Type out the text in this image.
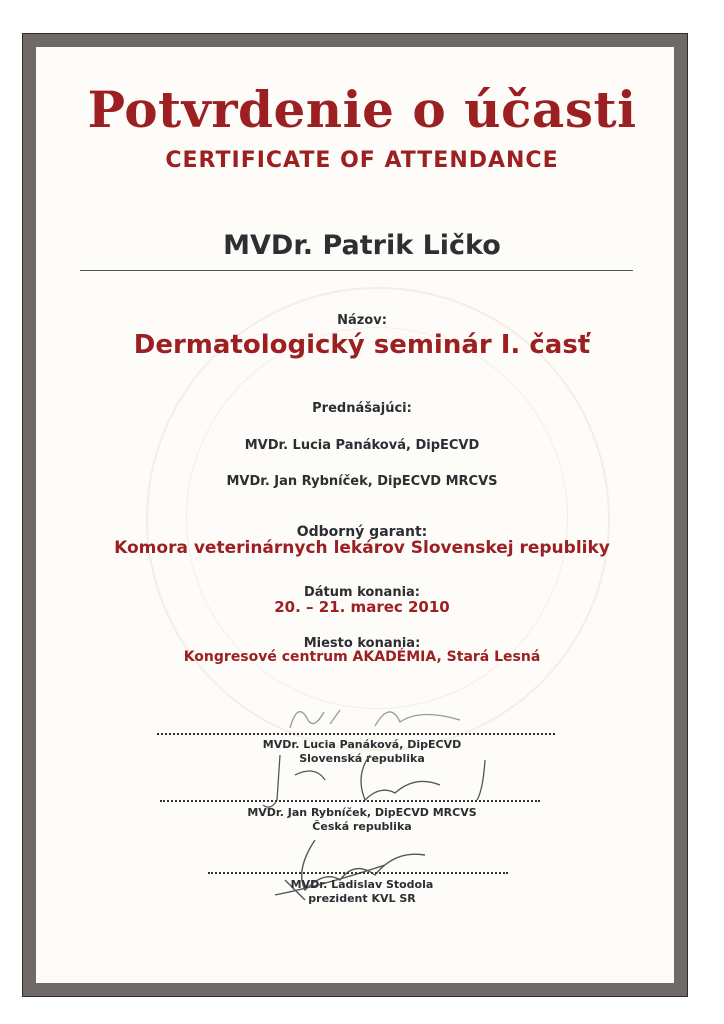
Potvrdenie o účasti
CERTIFICATE OF ATTENDANCE
MVDr. Patrik Ličko
Názov:
Dermatologický seminár I. časť
Prednášajúci:
MVDr. Lucia Panáková, DipECVD
MVDr. Jan Rybníček, DipECVD MRCVS
Odborný garant:
Komora veterinárnych lekárov Slovenskej republiky
Dátum konania:
20. – 21. marec 2010
Miesto konania:
Kongresové centrum AKADÉMIA, Stará Lesná
MVDr. Lucia Panáková, DipECVD
Slovenská republika
MVDr. Jan Rybníček, DipECVD MRCVS
Česká republika
MVDr. Ladislav Stodola
prezident KVL SR
